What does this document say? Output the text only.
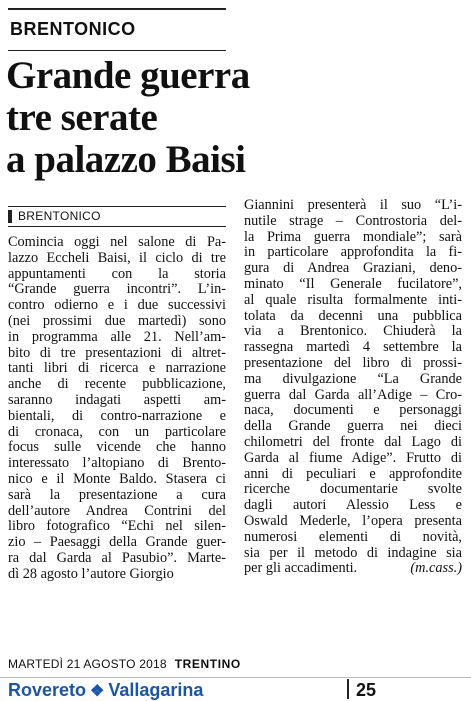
BRENTONICO
Grande guerra
tre serate
a palazzo Baisi
BRENTONICO
Comincia oggi nel salone di Pa-
lazzo Eccheli Baisi, il ciclo di tre
appuntamenti con la storia
“Grande guerra incontri”. L’in-
contro odierno e i due successivi
(nei prossimi due martedì) sono
in programma alle 21. Nell’am-
bito di tre presentazioni di altret-
tanti libri di ricerca e narrazione
anche di recente pubblicazione,
saranno indagati aspetti am-
bientali, di contro-narrazione e
di cronaca, con un particolare
focus sulle vicende che hanno
interessato l’altopiano di Brento-
nico e il Monte Baldo. Stasera ci
sarà la presentazione a cura
dell’autore Andrea Contrini del
libro fotografico “Echi nel silen-
zio – Paesaggi della Grande guer-
ra dal Garda al Pasubio”. Marte-
dì 28 agosto l’autore Giorgio
Giannini presenterà il suo “L’i-
nutile strage – Controstoria del-
la Prima guerra mondiale”; sarà
in particolare approfondita la fi-
gura di Andrea Graziani, deno-
minato “Il Generale fucilatore”,
al quale risulta formalmente inti-
tolata da decenni una pubblica
via a Brentonico. Chiuderà la
rassegna martedì 4 settembre la
presentazione del libro di prossi-
ma divulgazione “La Grande
guerra dal Garda all’Adige – Cro-
naca, documenti e personaggi
della Grande guerra nei dieci
chilometri del fronte dal Lago di
Garda al fiume Adige”. Frutto di
anni di peculiari e approfondite
ricerche documentarie svolte
dagli autori Alessio Less e
Oswald Mederle, l’opera presenta
numerosi elementi di novità,
sia per il metodo di indagine sia
per gli accadimenti.	(m.cass.)
MARTEDÌ 21 AGOSTO 2018 TRENTINO
Rovereto ❖ Vallagarina	25
